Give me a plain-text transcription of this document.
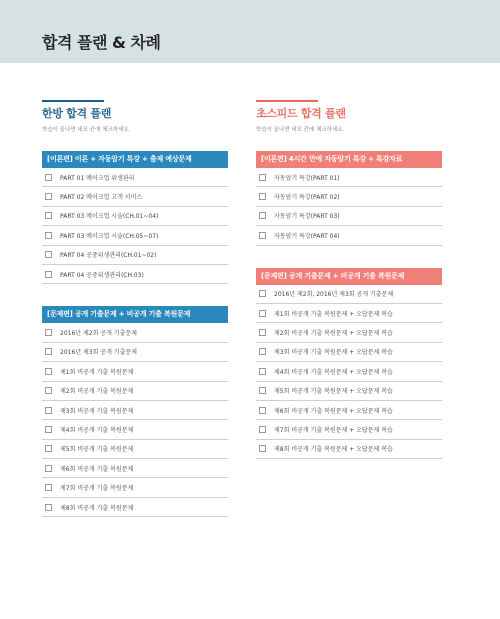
합격 플랜 & 차례
한방 합격 플랜
학습이 끝나면 네모 칸에 체크하세요.
[이론편] 이론 + 자동암기 특강 + 출제 예상문제
PART 01 메이크업 위생관리
PART 02 메이크업 고객 서비스
PART 03 메이크업 시술(CH.01~04)
PART 03 메이크업 시술(CH.05~07)
PART 04 공중위생관리(CH.01~02)
PART 04 공중위생관리(CH.03)
[문제편] 공개 기출문제 + 비공개 기출 복원문제
2016년 제2회 공개 기출문제
2016년 제3회 공개 기출문제
제1회 비공개 기출 복원문제
제2회 비공개 기출 복원문제
제3회 비공개 기출 복원문제
제4회 비공개 기출 복원문제
제5회 비공개 기출 복원문제
제6회 비공개 기출 복원문제
제7회 비공개 기출 복원문제
제8회 비공개 기출 복원문제
초스피드 합격 플랜
학습이 끝나면 네모 칸에 체크하세요.
[이론편] 4시간 만에 자동암기 특강 + 특강자료
자동암기 특강(PART 01)
자동암기 특강(PART 02)
자동암기 특강(PART 03)
자동암기 특강(PART 04)
[문제편] 공개 기출문제 + 비공개 기출 복원문제
2016년 제2회, 2016년 제3회 공개 기출문제
제1회 비공개 기출 복원문제 + 오답문제 복습
제2회 비공개 기출 복원문제 + 오답문제 복습
제3회 비공개 기출 복원문제 + 오답문제 복습
제4회 비공개 기출 복원문제 + 오답문제 복습
제5회 비공개 기출 복원문제 + 오답문제 복습
제6회 비공개 기출 복원문제 + 오답문제 복습
제7회 비공개 기출 복원문제 + 오답문제 복습
제8회 비공개 기출 복원문제 + 오답문제 복습
